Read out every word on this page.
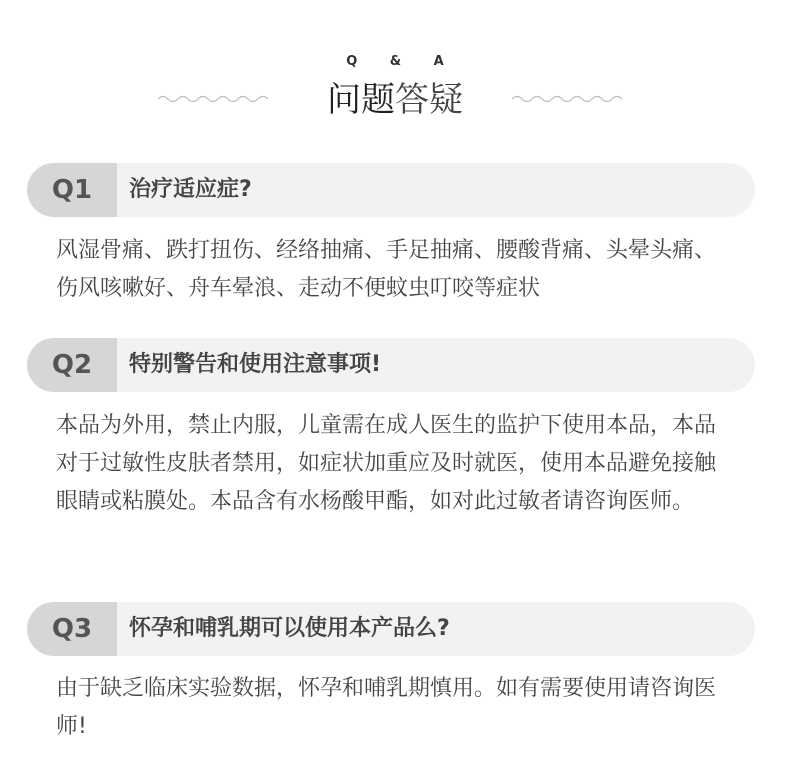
Q & A
问题答疑
Q1	治疗适应症?
风湿骨痛、跌打扭伤、经络抽痛、手足抽痛、腰酸背痛、头晕头痛、伤风咳嗽好、舟车晕浪、走动不便蚊虫叮咬等症状
Q2	特别警告和使用注意事项!
本品为外用，禁止内服，儿童需在成人医生的监护下使用本品，本品对于过敏性皮肤者禁用，如症状加重应及时就医，使用本品避免接触眼睛或粘膜处。本品含有水杨酸甲酯，如对此过敏者请咨询医师。
Q3	怀孕和哺乳期可以使用本产品么?
由于缺乏临床实验数据，怀孕和哺乳期慎用。如有需要使用请咨询医师!
